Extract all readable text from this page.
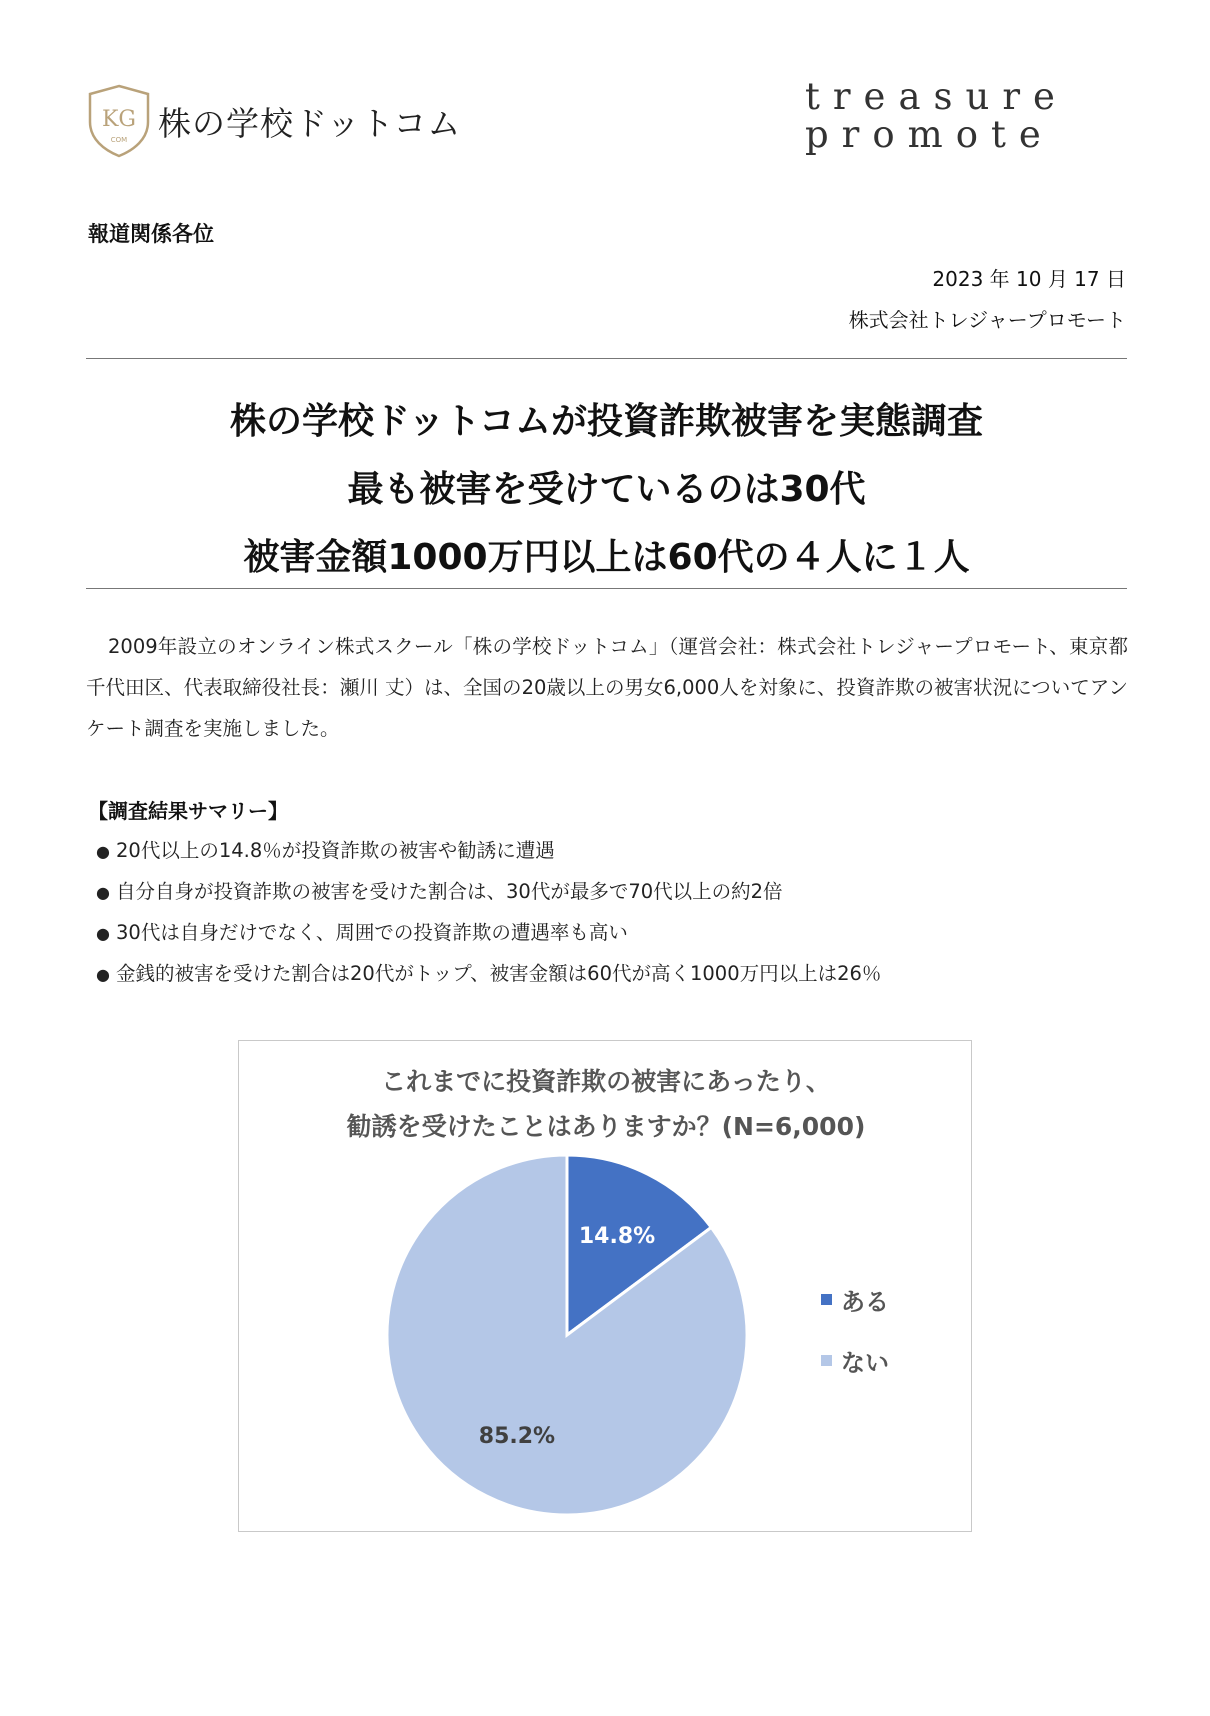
KG
COM 株の学校ドットコム
treasure
promote
報道関係各位
2023 年 10 月 17 日
株式会社トレジャープロモート
株の学校ドットコムが投資詐欺被害を実態調査
最も被害を受けているのは30代
被害金額1000万円以上は60代の４人に１人
2009年設立のオンライン株式スクール「株の学校ドットコム」（運営会社：株式会社トレジャープロモート、東京都千代田区、代表取締役社長：瀬川 丈）は、全国の20歳以上の男女6,000人を対象に、投資詐欺の被害状況についてアンケート調査を実施しました。
【調査結果サマリー】
● 20代以上の14.8％が投資詐欺の被害や勧誘に遭遇
● 自分自身が投資詐欺の被害を受けた割合は、30代が最多で70代以上の約2倍
● 30代は自身だけでなく、周囲での投資詐欺の遭遇率も高い
● 金銭的被害を受けた割合は20代がトップ、被害金額は60代が高く1000万円以上は26％
これまでに投資詐欺の被害にあったり、
勧誘を受けたことはありますか？(N=6,000)
14.8%
85.2%
ある
ない
